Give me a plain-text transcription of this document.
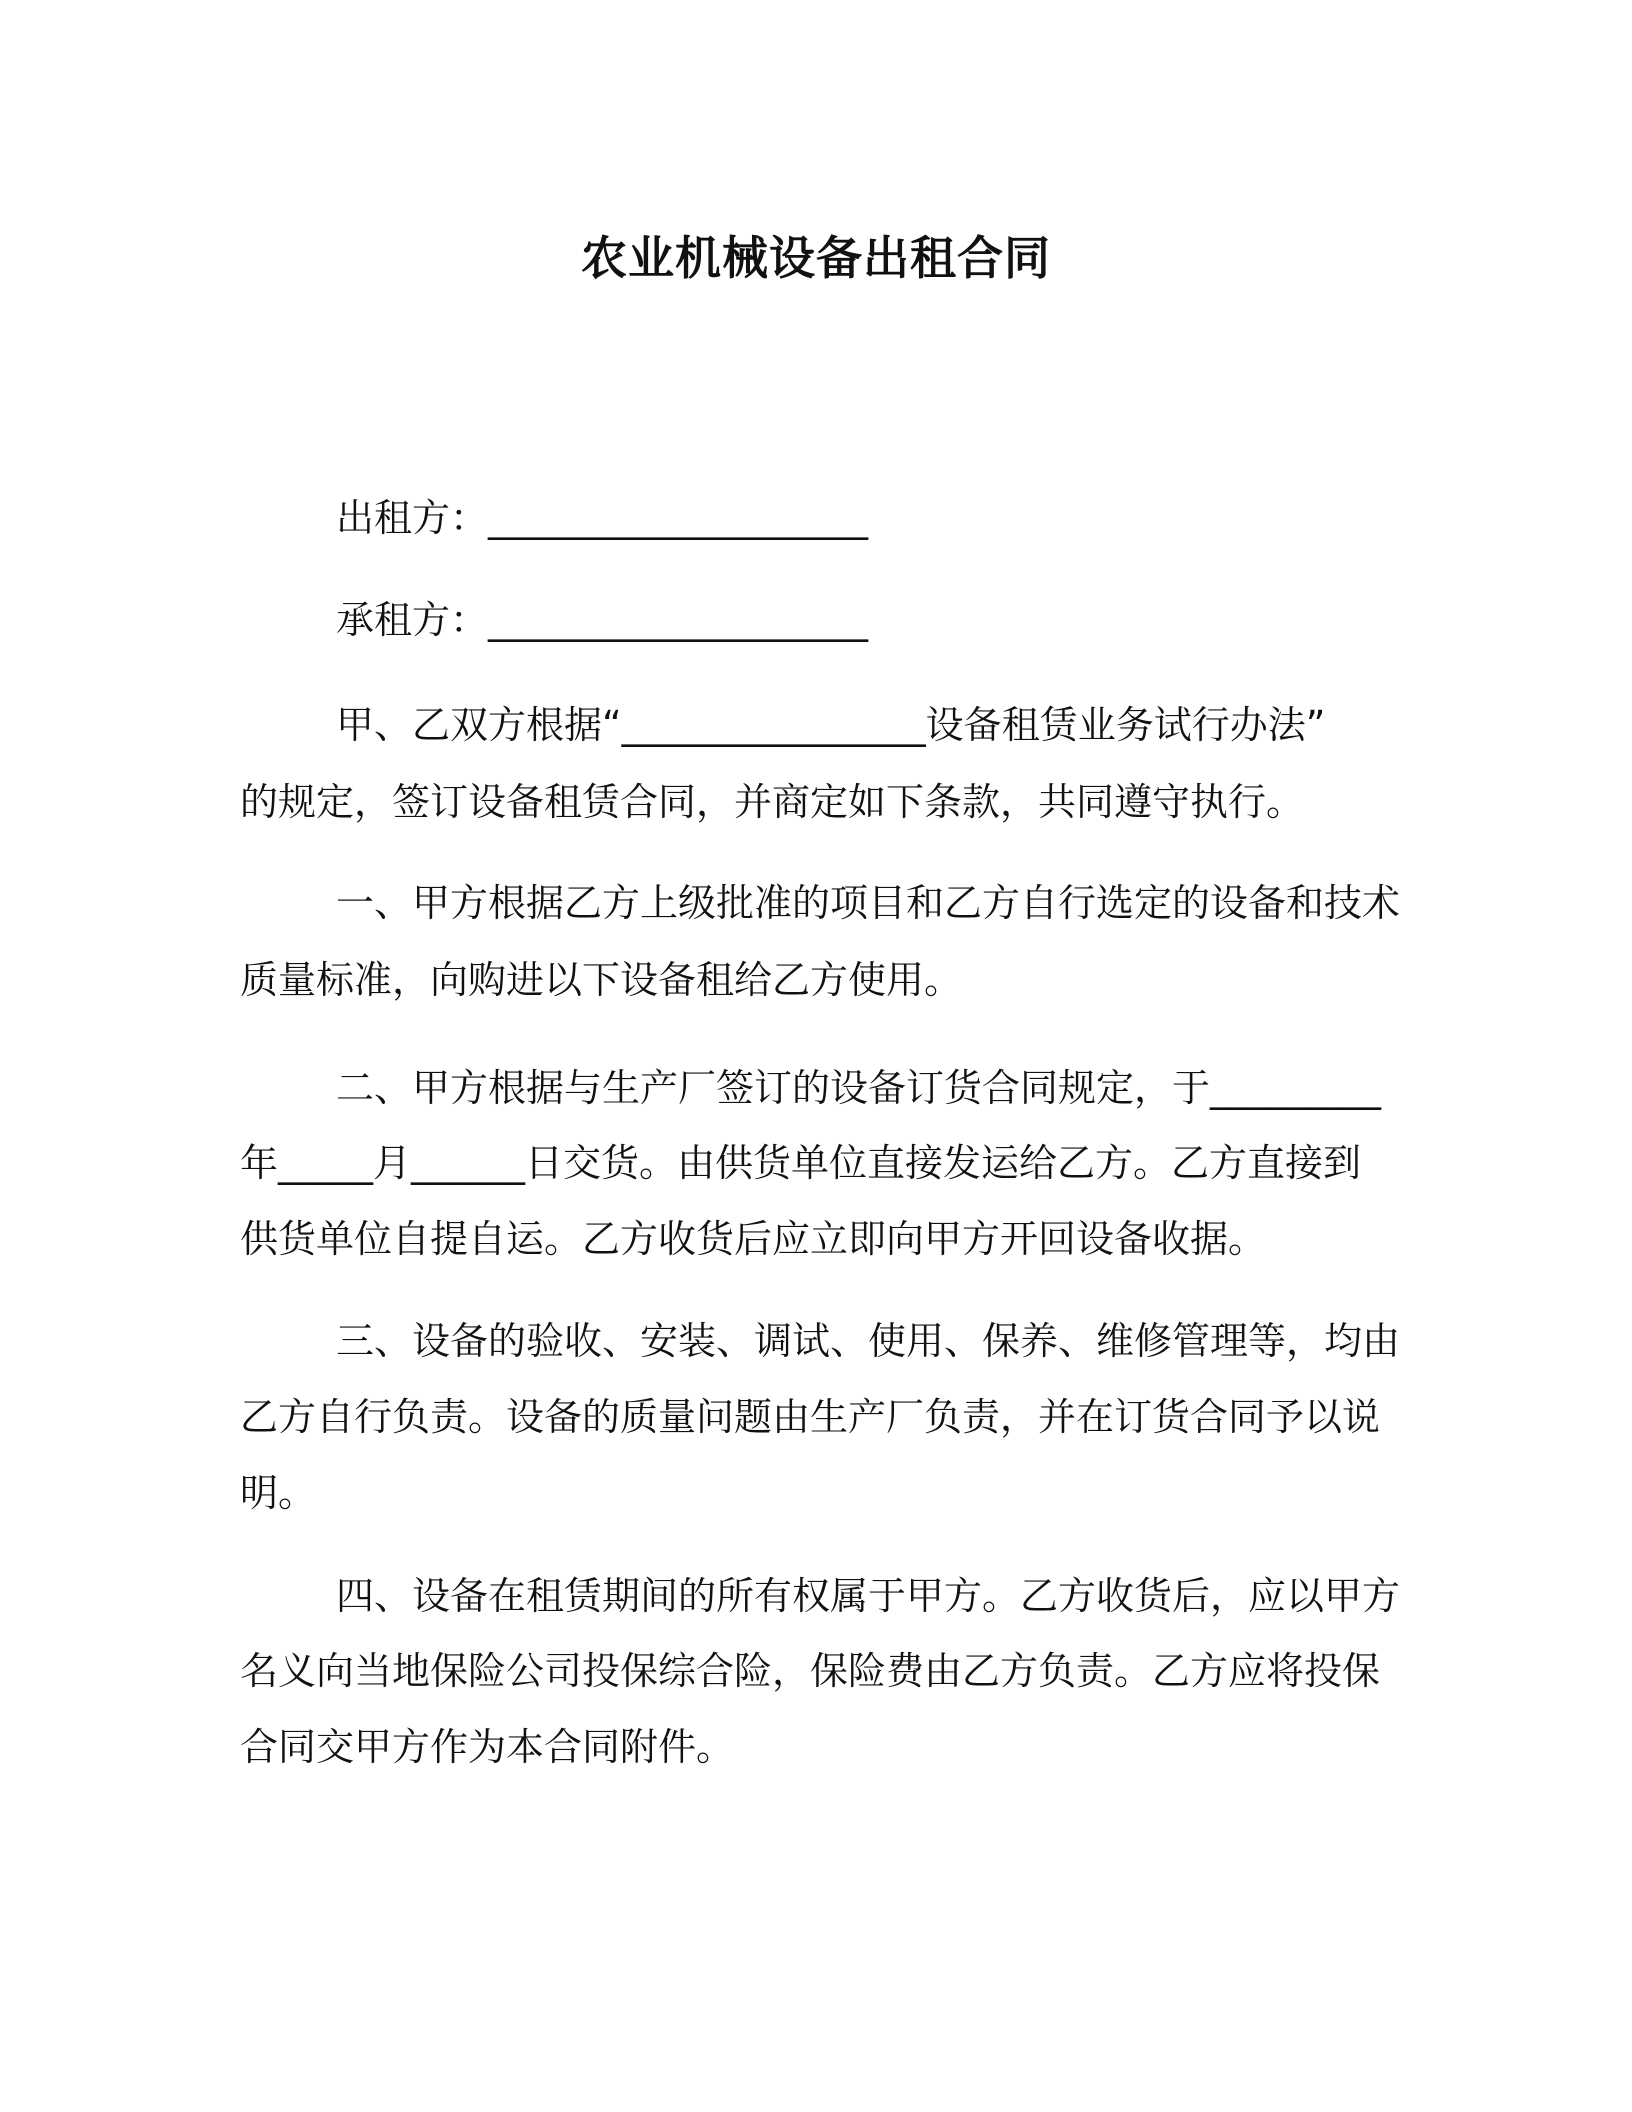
农业机械设备出租合同
出租方：____________________
承租方：____________________
甲、乙双方根据“________________设备租赁业务试行办法”
的规定，签订设备租赁合同，并商定如下条款，共同遵守执行。
一、甲方根据乙方上级批准的项目和乙方自行选定的设备和技术
质量标准，向购进以下设备租给乙方使用。
二、甲方根据与生产厂签订的设备订货合同规定，于_________
年_____月______日交货。由供货单位直接发运给乙方。乙方直接到
供货单位自提自运。乙方收货后应立即向甲方开回设备收据。
三、设备的验收、安装、调试、使用、保养、维修管理等，均由
乙方自行负责。设备的质量问题由生产厂负责，并在订货合同予以说
明。
四、设备在租赁期间的所有权属于甲方。乙方收货后，应以甲方
名义向当地保险公司投保综合险，保险费由乙方负责。乙方应将投保
合同交甲方作为本合同附件。
